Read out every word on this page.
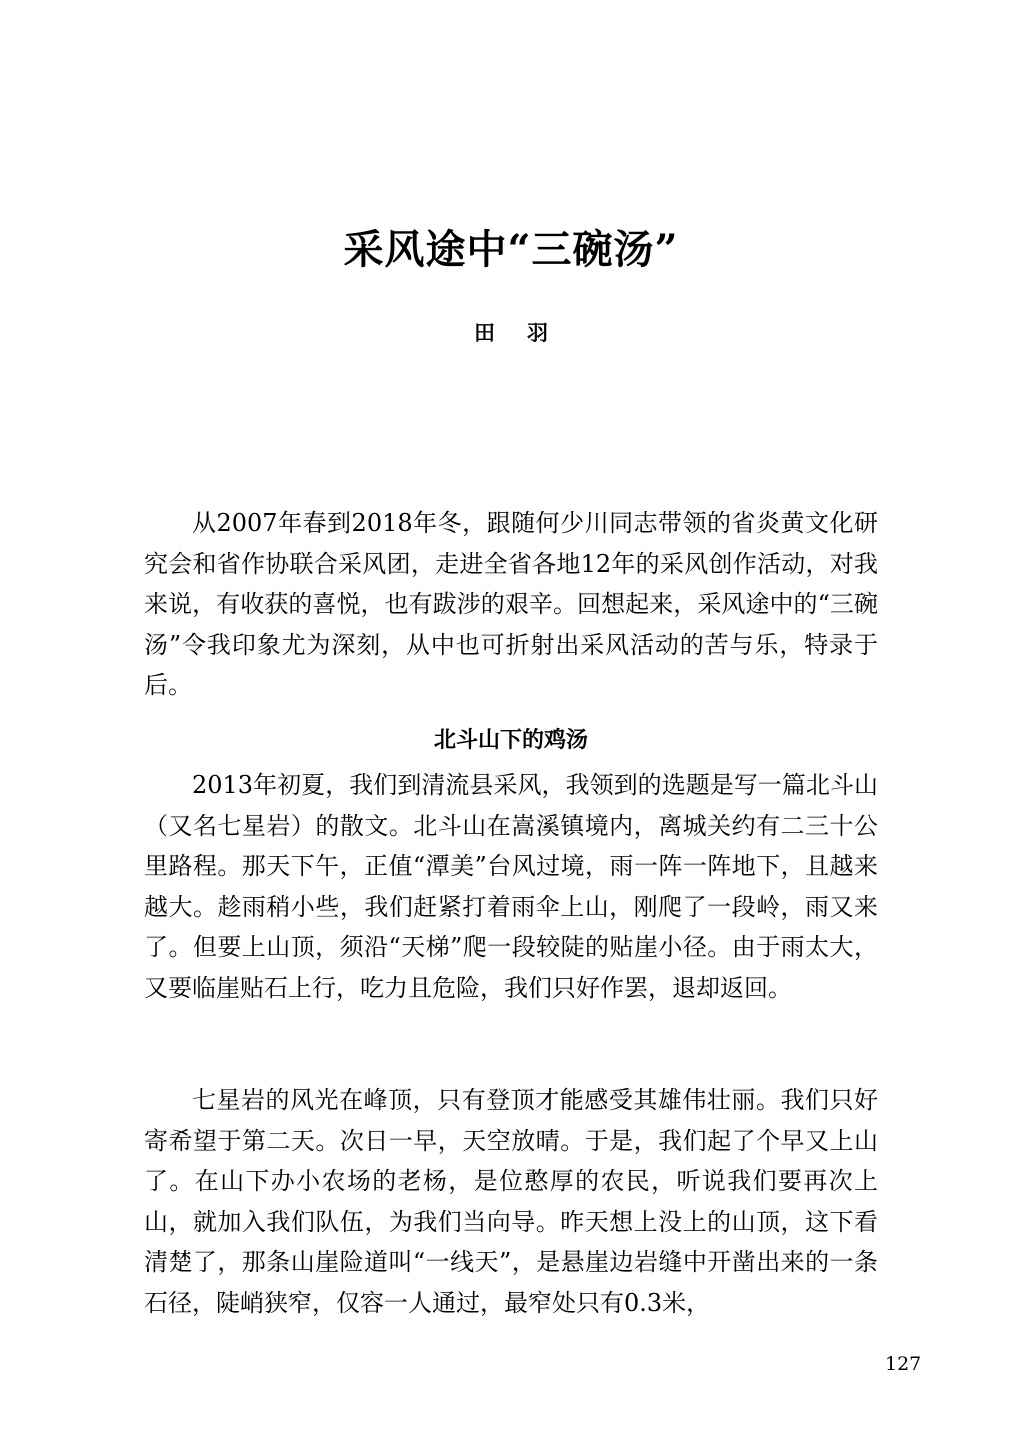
采风途中“三碗汤”
田羽

从2007年春到2018年冬，跟随何少川同志带领的省炎黄文化研究会和省作协联合采风团，走进全省各地12年的采风创作活动，对我来说，有收获的喜悦，也有跋涉的艰辛。回想起来，采风途中的“三碗汤”令我印象尤为深刻，从中也可折射出采风活动的苦与乐，特录于后。

北斗山下的鸡汤

2013年初夏，我们到清流县采风，我领到的选题是写一篇北斗山（又名七星岩）的散文。北斗山在嵩溪镇境内，离城关约有二三十公里路程。那天下午，正值“潭美”台风过境，雨一阵一阵地下，且越来越大。趁雨稍小些，我们赶紧打着雨伞上山，刚爬了一段岭，雨又来了。但要上山顶，须沿“天梯”爬一段较陡的贴崖小径。由于雨太大，又要临崖贴石上行，吃力且危险，我们只好作罢，退却返回。

七星岩的风光在峰顶，只有登顶才能感受其雄伟壮丽。我们只好寄希望于第二天。次日一早，天空放晴。于是，我们起了个早又上山了。在山下办小农场的老杨，是位憨厚的农民，听说我们要再次上山，就加入我们队伍，为我们当向导。昨天想上没上的山顶，这下看清楚了，那条山崖险道叫“一线天”，是悬崖边岩缝中开凿出来的一条石径，陡峭狭窄，仅容一人通过，最窄处只有0.3米，

127
